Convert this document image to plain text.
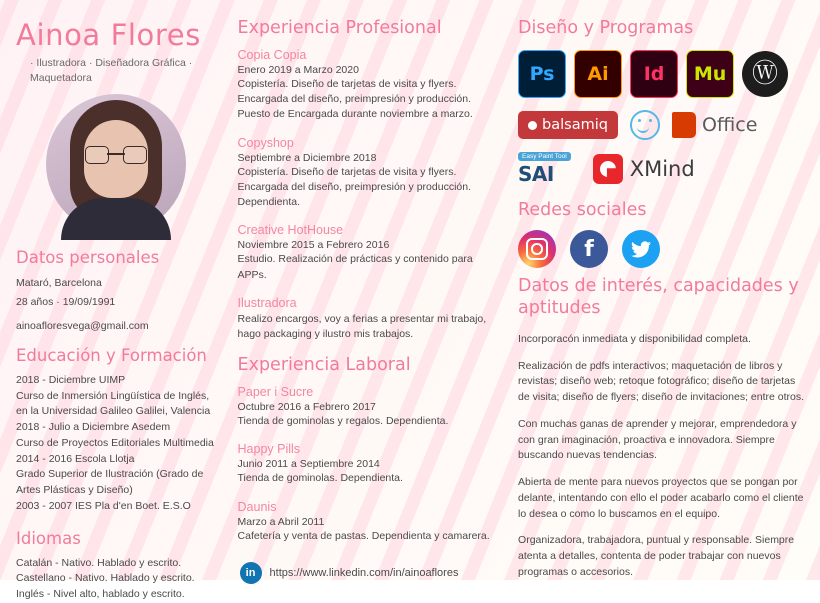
Ainoa Flores
· Ilustradora · Diseñadora Gráfica · Maquetadora
Datos personales
Mataró, Barcelona
28 años · 19/09/1991
ainoafloresvega@gmail.com
Educación y Formación
2018 - Diciembre UIMP
Curso de Inmersión Lingüística de Inglés,
en la Universidad Galileo Galilei, Valencia
2018 - Julio a Diciembre Asedem
Curso de Proyectos Editoriales Multimedia
2014 - 2016 Escola Llotja
Grado Superior de Ilustración (Grado de
Artes Plásticas y Diseño)
2003 - 2007 IES Pla d'en Boet. E.S.O
Idiomas
Catalán - Nativo. Hablado y escrito.
Castellano - Nativo. Hablado y escrito.
Inglés - Nivel alto, hablado y escrito.
Experiencia Profesional
Copia Copia
Enero 2019 a Marzo 2020
Copistería. Diseño de tarjetas de visita y flyers.
Encargada del diseño, preimpresión y producción.
Puesto de Encargada durante noviembre a marzo.
Copyshop
Septiembre a Diciembre 2018
Copistería. Diseño de tarjetas de visita y flyers.
Encargada del diseño, preimpresión y producción.
Dependienta.
Creative HotHouse
Noviembre 2015 a Febrero 2016
Estudio. Realización de prácticas y contenido para
APPs.
Ilustradora
Realizo encargos, voy a ferias a presentar mi trabajo,
hago packaging y ilustro mis trabajos.
Experiencia Laboral
Paper i Sucre
Octubre 2016 a Febrero 2017
Tienda de gominolas y regalos. Dependienta.
Happy Pills
Junio 2011 a Septiembre 2014
Tienda de gominolas. Dependienta.
Daunis
Marzo a Abril 2011
Cafetería y venta de pastas. Dependienta y camarera.
in	https://www.linkedin.com/in/ainoaflores
Diseño y Programas
Ps	Ai	Id	Mu Ⓦ
balsamiq	Office
Easy Paint Tool
SAI	XMind
Redes sociales
f
Datos de interés, capacidades y aptitudes
Incorporacón inmediata y disponibilidad completa.
Realización de pdfs interactivos; maquetación de libros y revistas; diseño web; retoque fotográfico; diseño de tarjetas de visita; diseño de flyers; diseño de invitaciones; entre otros.
Con muchas ganas de aprender y mejorar, emprendedora y con gran imaginación, proactiva e innovadora. Siempre buscando nuevas tendencias.
Abierta de mente para nuevos proyectos que se pongan por delante, intentando con ello el poder acabarlo como el cliente lo desea o como lo buscamos en el equipo.
Organizadora, trabajadora, puntual y responsable. Siempre atenta a detalles, contenta de poder trabajar con nuevos programas o accesorios.
